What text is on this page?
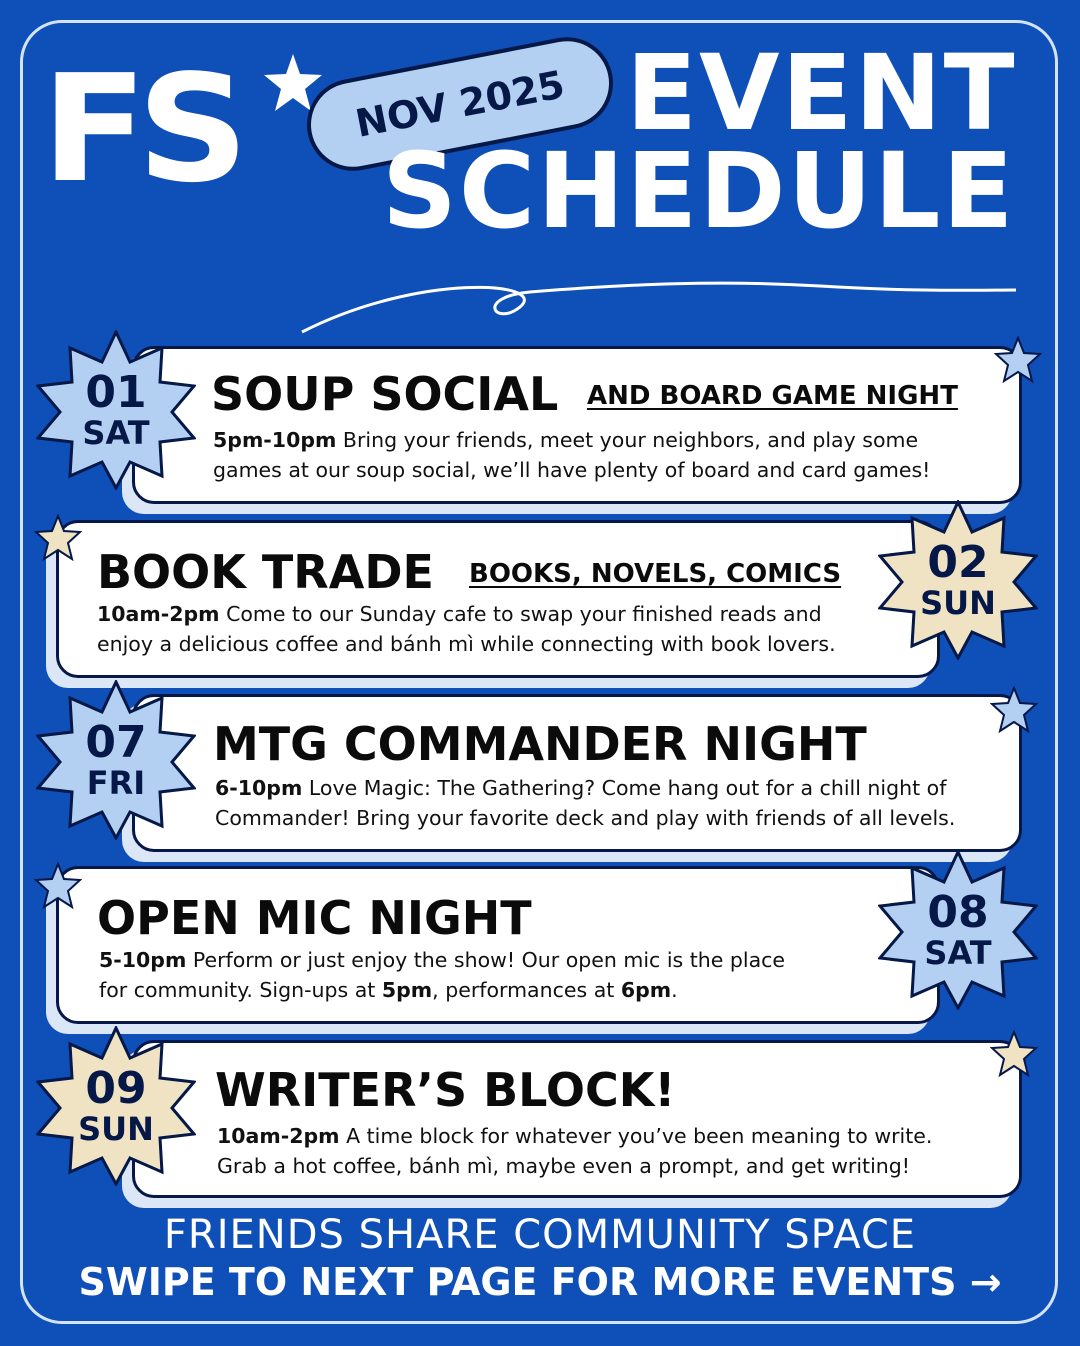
FS	NOV 2025 EVENT
SCHEDULE
SOUP SOCIAL AND BOARD GAME NIGHT
5pm-10pm Bring your friends, meet your neighbors, and play some
games at our soup social, we’ll have plenty of board and card games!
01
SAT
BOOK TRADE BOOKS, NOVELS, COMICS
10am-2pm Come to our Sunday cafe to swap your finished reads and
enjoy a delicious coffee and bánh mì while connecting with book lovers.
02
SUN
MTG COMMANDER NIGHT
6-10pm Love Magic: The Gathering? Come hang out for a chill night of
Commander! Bring your favorite deck and play with friends of all levels.
07
FRI
OPEN MIC NIGHT
5-10pm Perform or just enjoy the show! Our open mic is the place
for community. Sign-ups at 5pm, performances at 6pm.
08
SAT
WRITER’S BLOCK!
10am-2pm A time block for whatever you’ve been meaning to write.
Grab a hot coffee, bánh mì, maybe even a prompt, and get writing!
09
SUN
FRIENDS SHARE COMMUNITY SPACE
SWIPE TO NEXT PAGE FOR MORE EVENTS →
